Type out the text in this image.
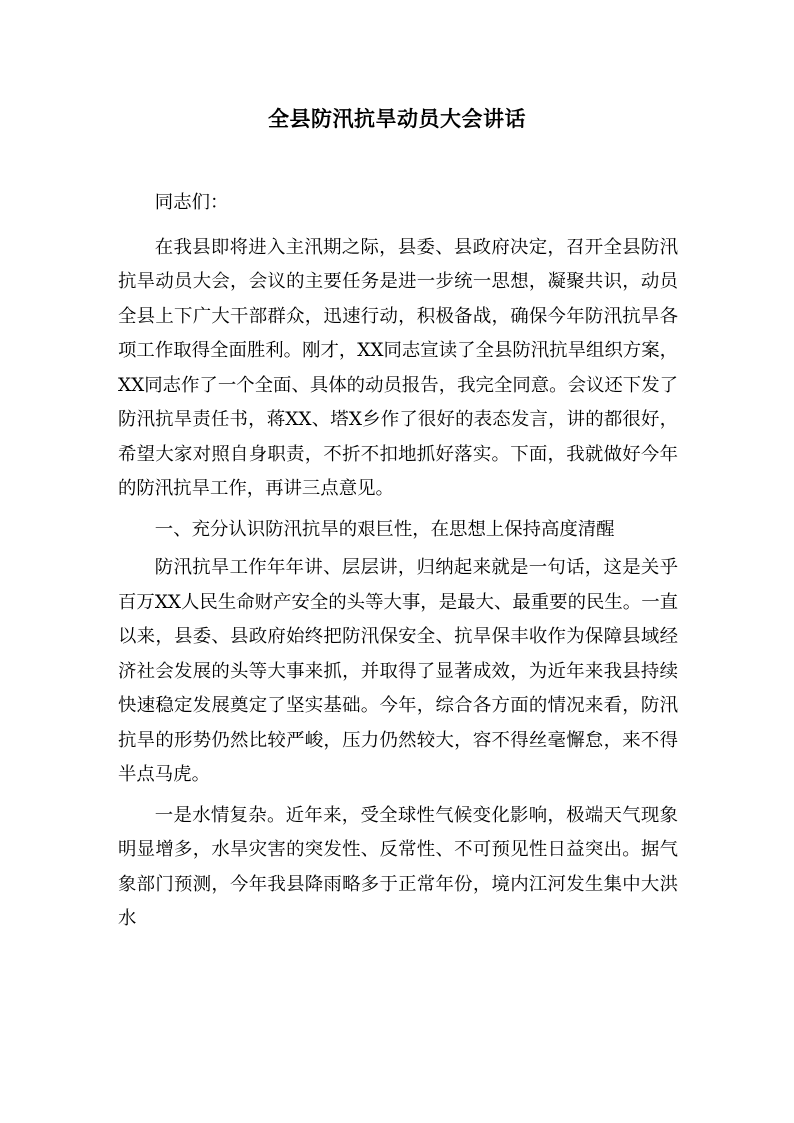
全县防汛抗旱动员大会讲话

同志们：

在我县即将进入主汛期之际，县委、县政府决定，召开全县防汛抗旱动员大会，会议的主要任务是进一步统一思想，凝聚共识，动员全县上下广大干部群众，迅速行动，积极备战，确保今年防汛抗旱各项工作取得全面胜利。刚才，XX同志宣读了全县防汛抗旱组织方案，XX同志作了一个全面、具体的动员报告，我完全同意。会议还下发了防汛抗旱责任书，蒋XX、塔X乡作了很好的表态发言，讲的都很好，希望大家对照自身职责，不折不扣地抓好落实。下面，我就做好今年的防汛抗旱工作，再讲三点意见。

一、充分认识防汛抗旱的艰巨性，在思想上保持高度清醒

防汛抗旱工作年年讲、层层讲，归纳起来就是一句话，这是关乎百万XX人民生命财产安全的头等大事，是最大、最重要的民生。一直以来，县委、县政府始终把防汛保安全、抗旱保丰收作为保障县域经济社会发展的头等大事来抓，并取得了显著成效，为近年来我县持续快速稳定发展奠定了坚实基础。今年，综合各方面的情况来看，防汛抗旱的形势仍然比较严峻，压力仍然较大，容不得丝毫懈怠，来不得半点马虎。

一是水情复杂。近年来，受全球性气候变化影响，极端天气现象明显增多，水旱灾害的突发性、反常性、不可预见性日益突出。据气象部门预测，今年我县降雨略多于正常年份，境内江河发生集中大洪水
